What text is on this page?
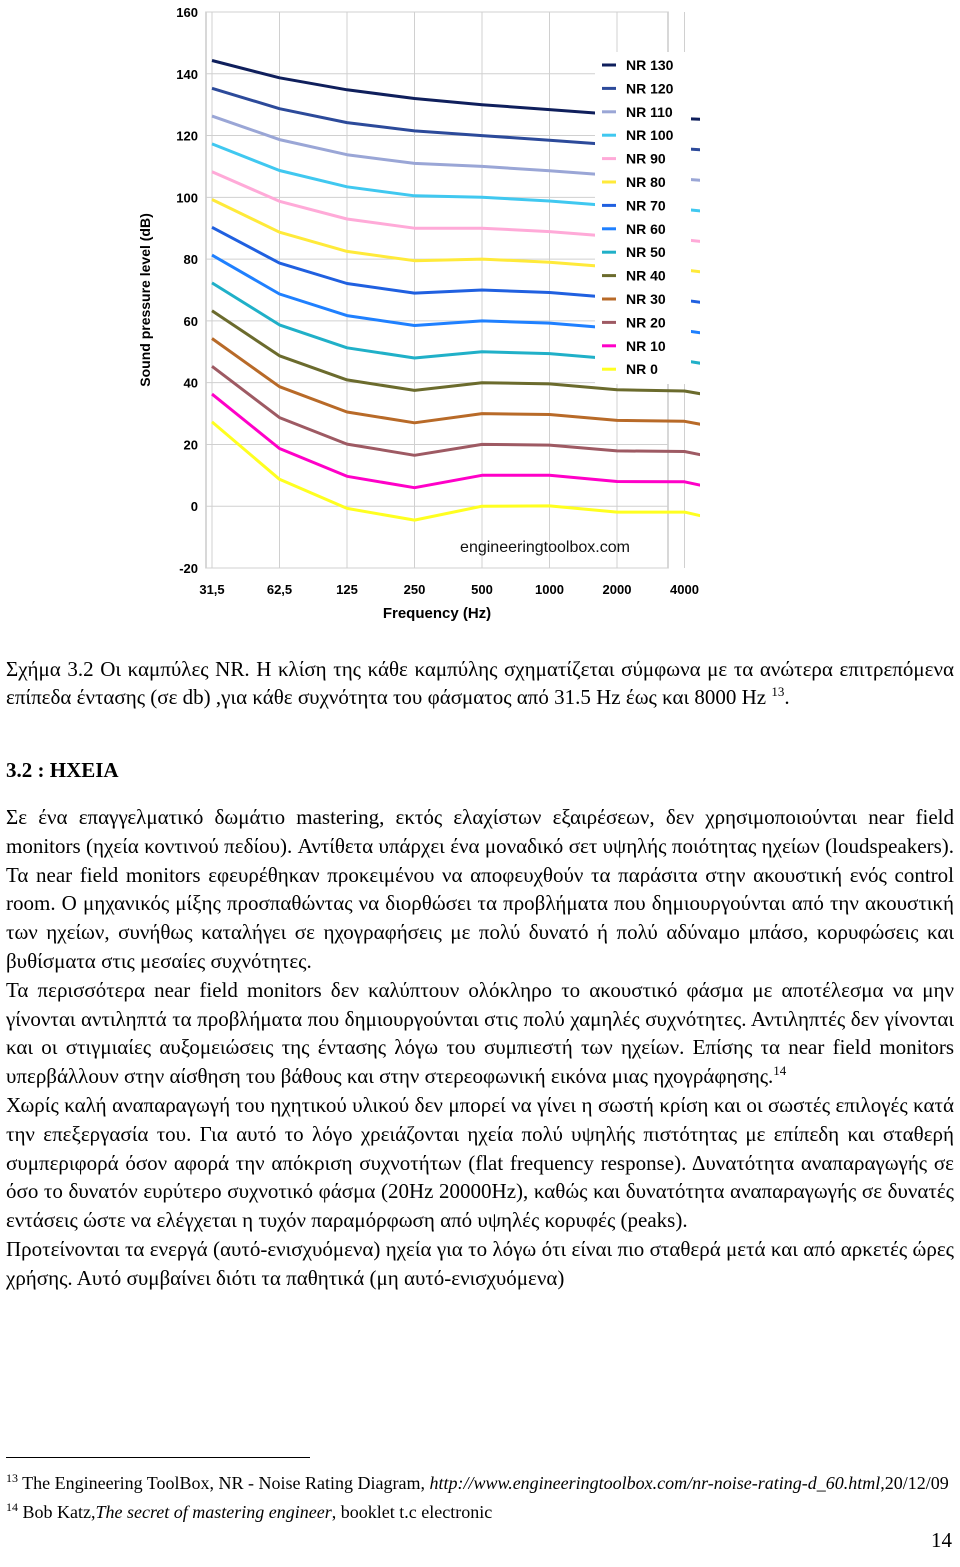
160
140
120
100
80
60
40
20
0
-20
31,5	62,5	125	250	500	1000	2000	4000
NR 130
NR 120
NR 110
NR 100
NR 90
NR 80
NR 70
NR 60
NR 50
NR 40
NR 30
NR 20
NR 10
NR 0
Sound pressure level (dB)
Frequency (Hz)
engineeringtoolbox.com

Σχήμα 3.2 Οι καμπύλες NR. Η κλίση της κάθε καμπύλης σχηματίζεται σύμφωνα με τα ανώτερα επιτρεπόμενα επίπεδα έντασης (σε db) ,για κάθε συχνότητα του φάσματος από 31.5 Hz έως και 8000 Hz $^{13}$.

3.2 : ΗΧΕΙΑ

Σε ένα επαγγελματικό δωμάτιο mastering, εκτός ελαχίστων εξαιρέσεων, δεν χρησιμοποιούνται near field monitors (ηχεία κοντινού πεδίου). Αντίθετα υπάρχει ένα μοναδικό σετ υψηλής ποιότητας ηχείων (loudspeakers). Τα near field monitors εφευρέθηκαν προκειμένου να αποφευχθούν τα παράσιτα στην ακουστική ενός control room. Ο μηχανικός μίξης προσπαθώντας να διορθώσει τα προβλήματα που δημιουργούνται από την ακουστική των ηχείων, συνήθως καταλήγει σε ηχογραφήσεις με πολύ δυνατό ή πολύ αδύναμο μπάσο, κορυφώσεις και βυθίσματα στις μεσαίες συχνότητες.

Τα περισσότερα near field monitors δεν καλύπτουν ολόκληρο το ακουστικό φάσμα με αποτέλεσμα να μην γίνονται αντιληπτά τα προβλήματα που δημιουργούνται στις πολύ χαμηλές συχνότητες. Αντιληπτές δεν γίνονται και οι στιγμιαίες αυξομειώσεις της έντασης λόγω του συμπιεστή των ηχείων. Επίσης τα near field monitors υπερβάλλουν στην αίσθηση του βάθους και στην στερεοφωνική εικόνα μιας ηχογράφησης.$^{14}$

Χωρίς καλή αναπαραγωγή του ηχητικού υλικού δεν μπορεί να γίνει η σωστή κρίση και οι σωστές επιλογές κατά την επεξεργασία του. Για αυτό το λόγο χρειάζονται ηχεία πολύ υψηλής πιστότητας με επίπεδη και σταθερή συμπεριφορά όσον αφορά την απόκριση συχνοτήτων (flat frequency response). Δυνατότητα αναπαραγωγής σε όσο το δυνατόν ευρύτερο συχνοτικό φάσμα (20Hz 20000Hz), καθώς και δυνατότητα αναπαραγωγής σε δυνατές εντάσεις ώστε να ελέγχεται η τυχόν παραμόρφωση από υψηλές κορυφές (peaks).

Προτείνονται τα ενεργά (αυτό-ενισχυόμενα) ηχεία για το λόγω ότι είναι πιο σταθερά μετά και από αρκετές ώρες χρήσης. Αυτό συμβαίνει διότι τα παθητικά (μη αυτό-ενισχυόμενα)

$^{13}$ The Engineering ToolBox, NR - Noise Rating Diagram, http://www.engineeringtoolbox.com/nr-noise-rating-d_60.html,20/12/09

$^{14}$ Bob Katz,The secret of mastering engineer, booklet t.c electronic

14
